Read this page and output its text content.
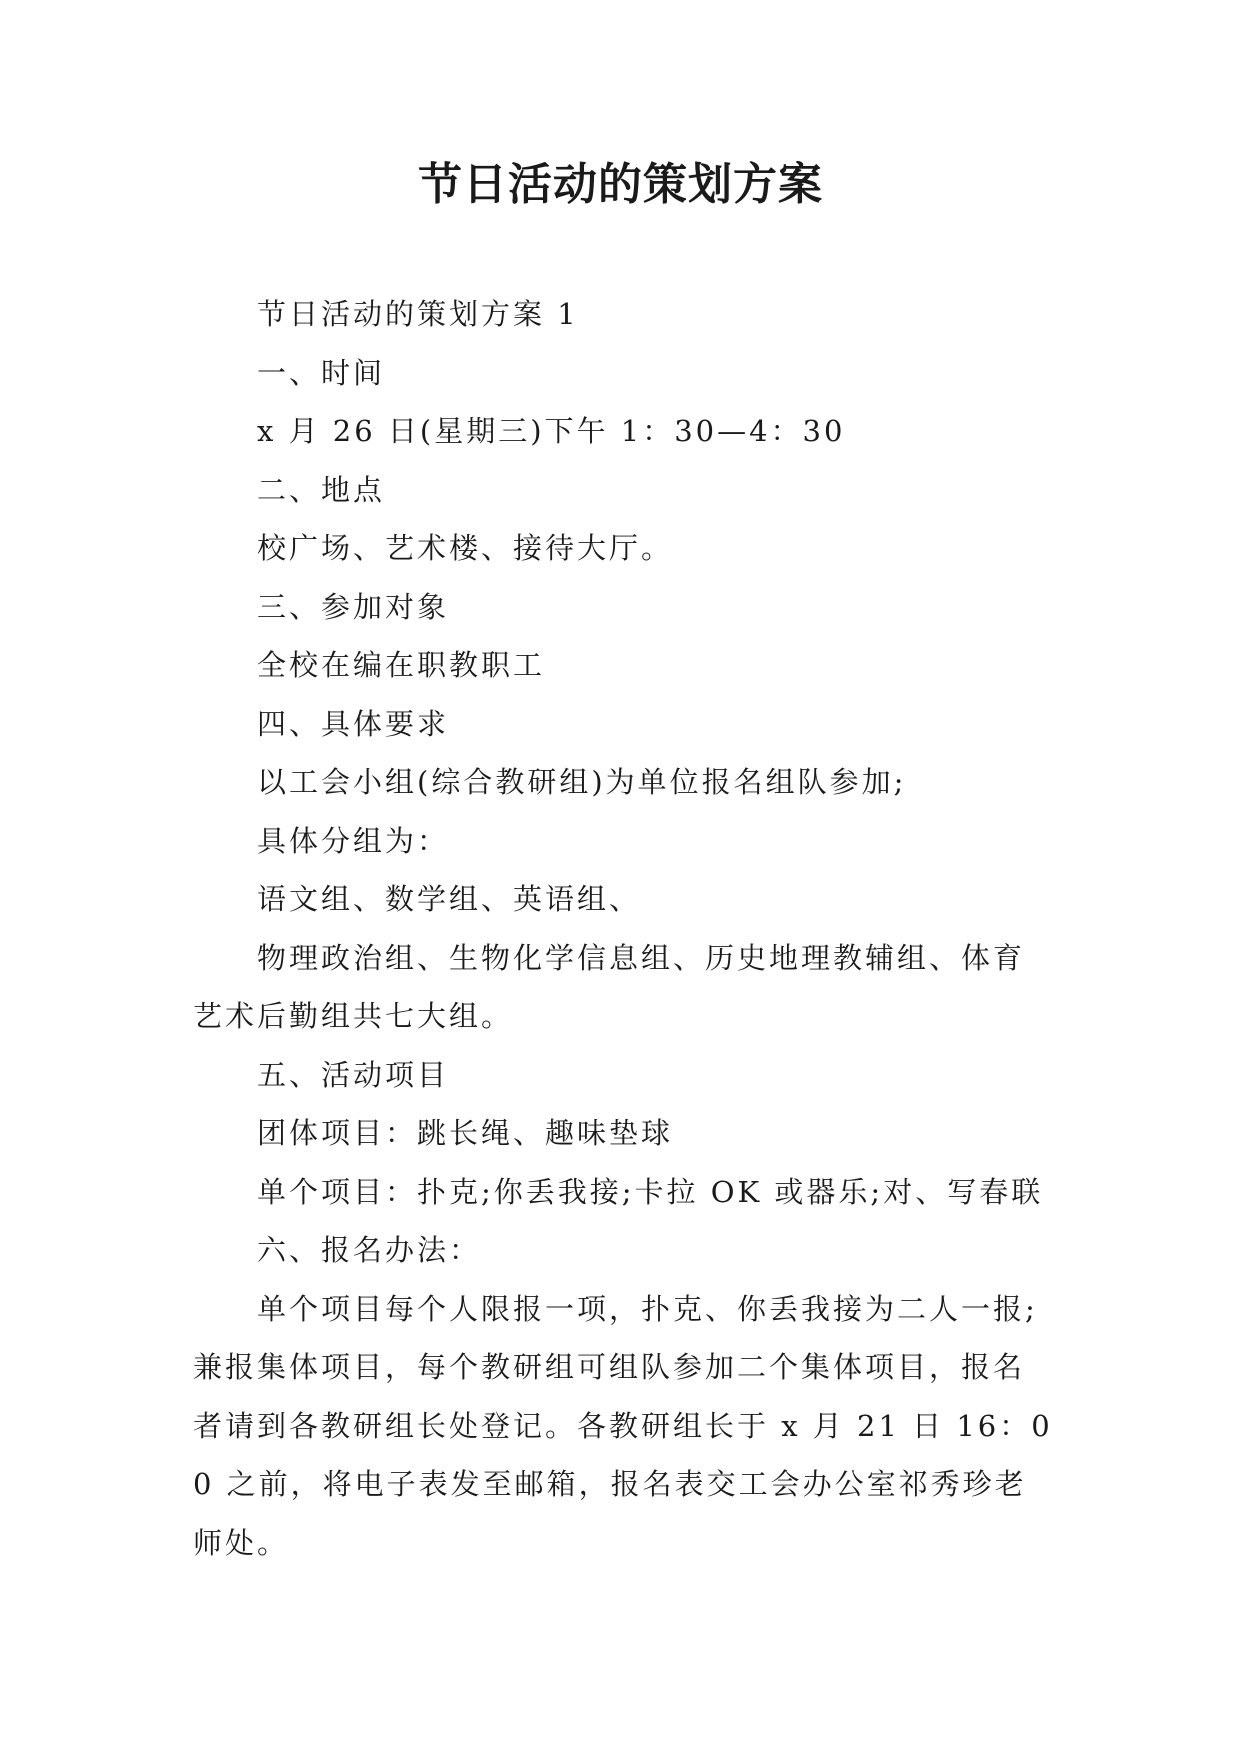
节日活动的策划方案

节日活动的策划方案 1

一、时间

x 月 26 日(星期三)下午 1：30—4：30

二、地点

校广场、艺术楼、接待大厅。

三、参加对象

全校在编在职教职工

四、具体要求

以工会小组(综合教研组)为单位报名组队参加;

具体分组为：

语文组、数学组、英语组、

物理政治组、生物化学信息组、历史地理教辅组、体育艺术后勤组共七大组。

五、活动项目

团体项目：跳长绳、趣味垫球

单个项目：扑克;你丢我接;卡拉 OK 或器乐;对、写春联

六、报名办法：

单个项目每个人限报一项，扑克、你丢我接为二人一报;兼报集体项目，每个教研组可组队参加二个集体项目，报名者请到各教研组长处登记。各教研组长于 x 月 21 日 16：00 之前，将电子表发至邮箱，报名表交工会办公室祁秀珍老师处。
